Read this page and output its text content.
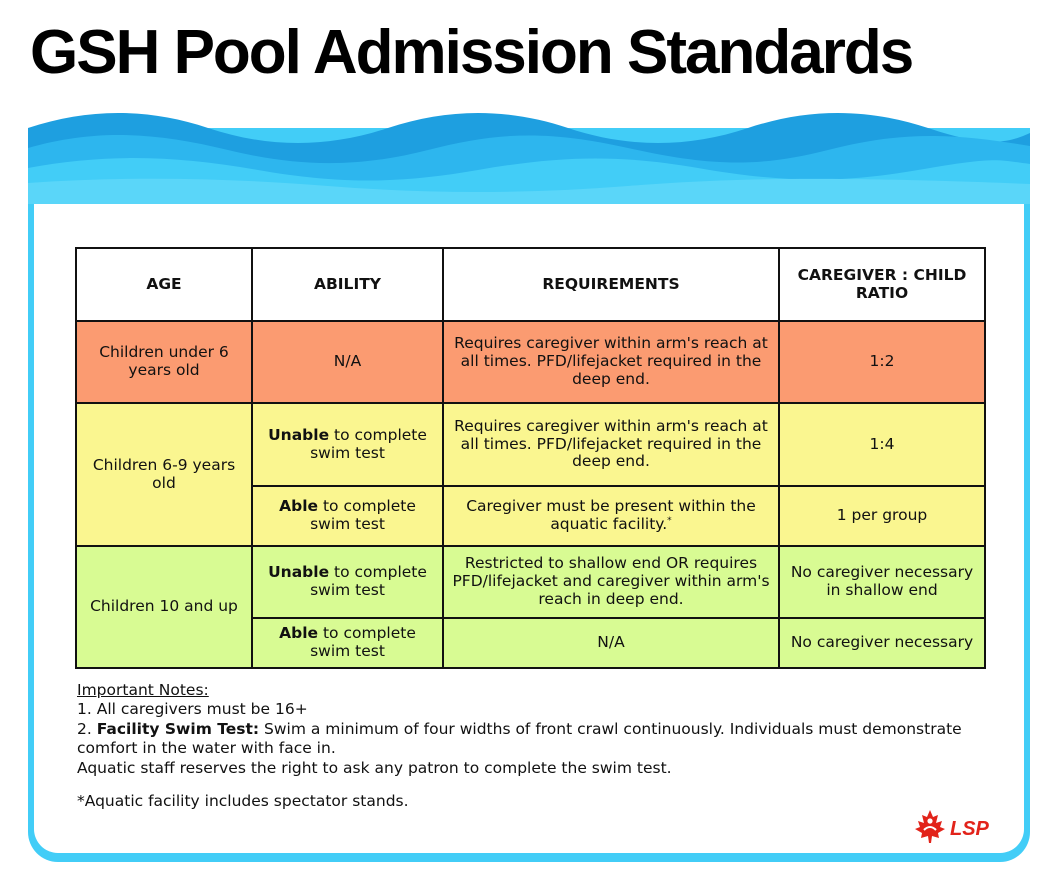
GSH Pool Admission Standards
AGE	ABILITY	REQUIREMENTS	CAREGIVER : CHILD RATIO
Children under 6 years old	N/A	Requires caregiver within arm's reach at all times. PFD/lifejacket required in the deep end.	1:2
Children 6-9 years old	Unable to complete swim test	Requires caregiver within arm's reach at all times. PFD/lifejacket required in the deep end.	1:4
	Able to complete swim test	Caregiver must be present within the aquatic facility.*	1 per group
Children 10 and up	Unable to complete swim test	Restricted to shallow end OR requires PFD/lifejacket and caregiver within arm's reach in deep end.	No caregiver necessary in shallow end
	Able to complete swim test	N/A	No caregiver necessary

Important Notes:

1. All caregivers must be 16+

2. Facility Swim Test: Swim a minimum of four widths of front crawl continuously. Individuals must demonstrate comfort in the water with face in.

Aquatic staff reserves the right to ask any patron to complete the swim test.

*Aquatic facility includes spectator stands.

LSP
